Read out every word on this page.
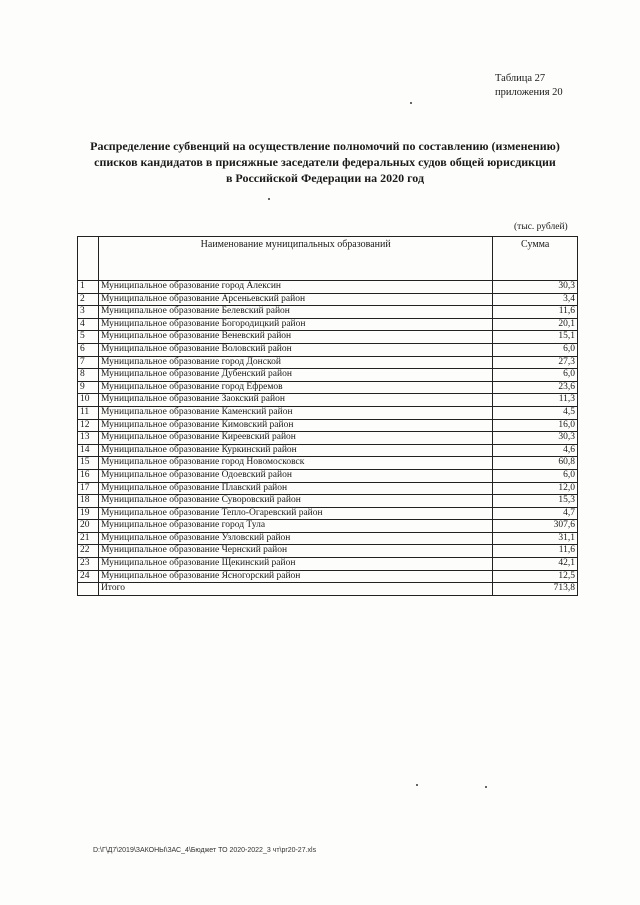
Таблица 27
приложения 20
Распределение субвенций на осуществление полномочий по составлению (изменению)
списков кандидатов в присяжные заседатели федеральных судов общей юрисдикции
в Российской Федерации на 2020 год
(тыс. рублей)
	Наименование муниципальных образований	Сумма
1	Муниципальное образование город Алексин	30,3
2	Муниципальное образование Арсеньевский район	3,4
3	Муниципальное образование Белевский район	11,6
4	Муниципальное образование Богородицкий район	20,1
5	Муниципальное образование Веневский район	15,1
6	Муниципальное образование Воловский район	6,0
7	Муниципальное образование город Донской	27,3
8	Муниципальное образование Дубенский район	6,0
9	Муниципальное образование город Ефремов	23,6
10	Муниципальное образование Заокский район	11,3
11	Муниципальное образование Каменский район	4,5
12	Муниципальное образование Кимовский район	16,0
13	Муниципальное образование Киреевский район	30,3
14	Муниципальное образование Куркинский район	4,6
15	Муниципальное образование город Новомосковск	60,8
16	Муниципальное образование Одоевский район	6,0
17	Муниципальное образование Плавский район	12,0
18	Муниципальное образование Суворовский район	15,3
19	Муниципальное образование Тепло-Огаревский район	4,7
20	Муниципальное образование город Тула	307,6
21	Муниципальное образование Узловский район	31,1
22	Муниципальное образование Чернский район	11,6
23	Муниципальное образование Щекинский район	42,1
24	Муниципальное образование Ясногорский район	12,5
	Итого	713,8
D:\Г\Д7\2019\ЗАКОНЫ\ЗАС_4\Бюджет ТО 2020-2022_3 чт\pr20-27.xls
